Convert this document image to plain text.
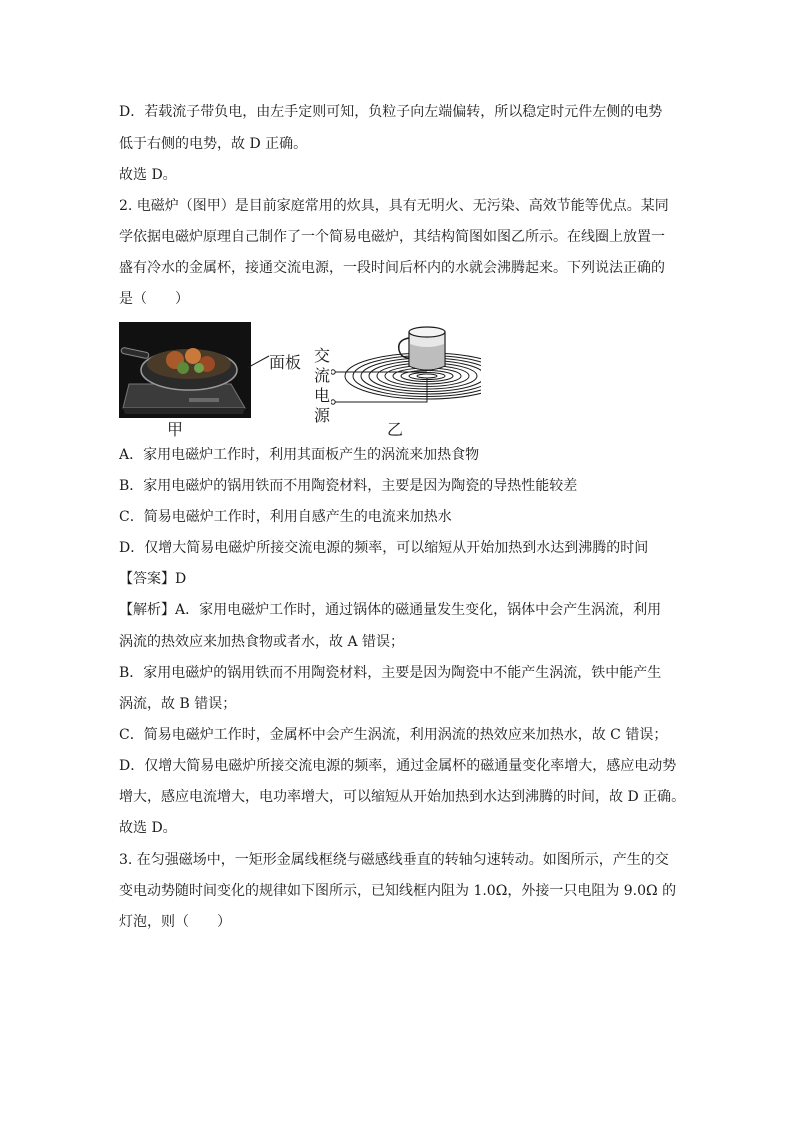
D．若载流子带负电，由左手定则可知，负粒子向左端偏转，所以稳定时元件左侧的电势
低于右侧的电势，故 D 正确。
故选 D。
2. 电磁炉（图甲）是目前家庭常用的炊具，具有无明火、无污染、高效节能等优点。某同
学依据电磁炉原理自己制作了一个简易电磁炉，其结构简图如图乙所示。在线圈上放置一
盛有冷水的金属杯，接通交流电源，一段时间后杯内的水就会沸腾起来。下列说法正确的
是（　　）
面板
甲
交
流
电
源
乙
A．家用电磁炉工作时，利用其面板产生的涡流来加热食物
B．家用电磁炉的锅用铁而不用陶瓷材料，主要是因为陶瓷的导热性能较差
C．简易电磁炉工作时，利用自感产生的电流来加热水
D．仅增大简易电磁炉所接交流电源的频率，可以缩短从开始加热到水达到沸腾的时间
【答案】D
【解析】A．家用电磁炉工作时，通过锅体的磁通量发生变化，锅体中会产生涡流，利用
涡流的热效应来加热食物或者水，故 A 错误；
B．家用电磁炉的锅用铁而不用陶瓷材料，主要是因为陶瓷中不能产生涡流，铁中能产生
涡流，故 B 错误；
C．简易电磁炉工作时，金属杯中会产生涡流，利用涡流的热效应来加热水，故 C 错误；
D．仅增大简易电磁炉所接交流电源的频率，通过金属杯的磁通量变化率增大，感应电动势
增大，感应电流增大，电功率增大，可以缩短从开始加热到水达到沸腾的时间，故 D 正确。
故选 D。
3. 在匀强磁场中，一矩形金属线框绕与磁感线垂直的转轴匀速转动。如图所示，产生的交
变电动势随时间变化的规律如下图所示，已知线框内阻为 1.0Ω，外接一只电阻为 9.0Ω 的
灯泡，则（　　）
